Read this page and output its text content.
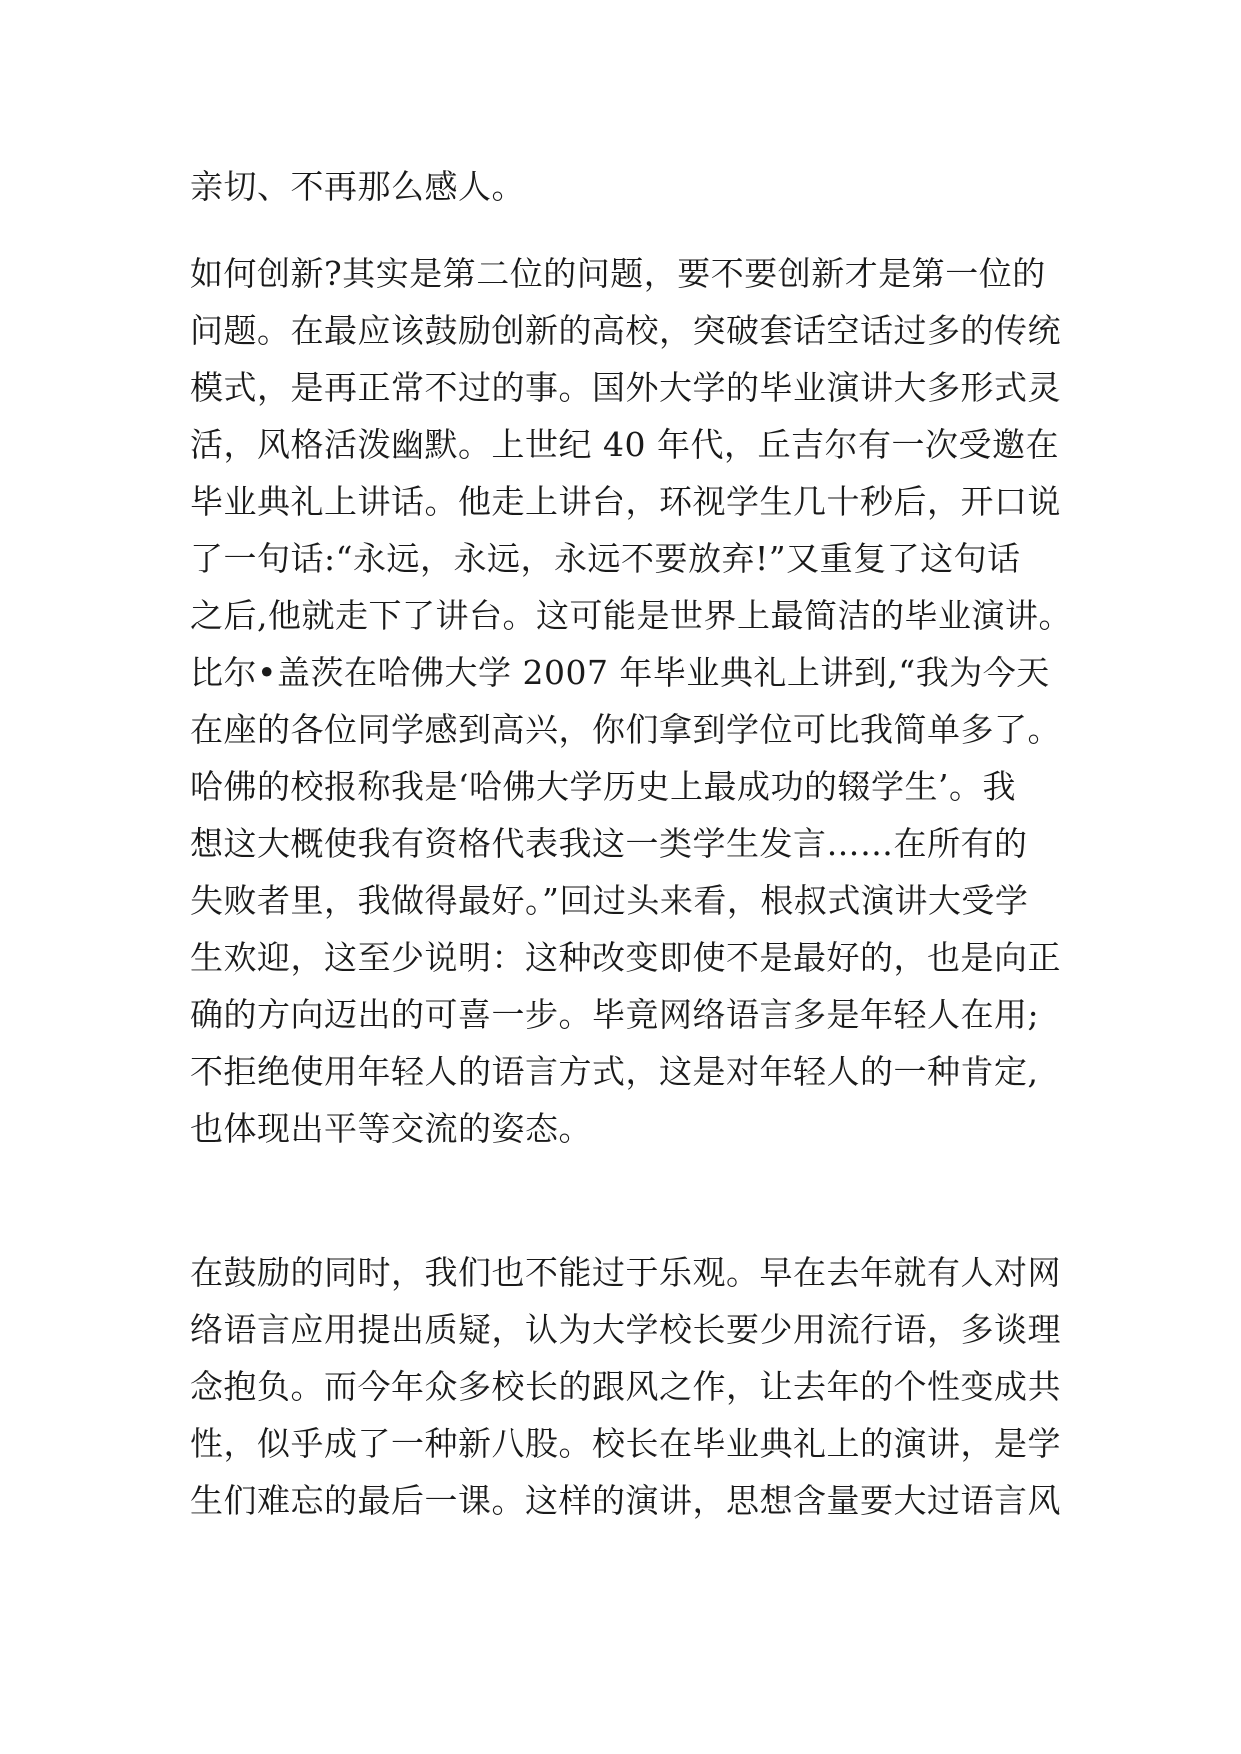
亲切、不再那么感人。
如何创新?其实是第二位的问题，要不要创新才是第一位的
问题。在最应该鼓励创新的高校，突破套话空话过多的传统
模式，是再正常不过的事。国外大学的毕业演讲大多形式灵
活，风格活泼幽默。上世纪 40 年代，丘吉尔有一次受邀在
毕业典礼上讲话。他走上讲台，环视学生几十秒后，开口说
了一句话:“永远，永远，永远不要放弃!”又重复了这句话
之后,他就走下了讲台。这可能是世界上最简洁的毕业演讲。
比尔•盖茨在哈佛大学 2007 年毕业典礼上讲到,“我为今天
在座的各位同学感到高兴，你们拿到学位可比我简单多了。
哈佛的校报称我是‘哈佛大学历史上最成功的辍学生’。我
想这大概使我有资格代表我这一类学生发言……在所有的
失败者里，我做得最好。”回过头来看，根叔式演讲大受学
生欢迎，这至少说明：这种改变即使不是最好的，也是向正
确的方向迈出的可喜一步。毕竟网络语言多是年轻人在用;
不拒绝使用年轻人的语言方式，这是对年轻人的一种肯定,
也体现出平等交流的姿态。
在鼓励的同时，我们也不能过于乐观。早在去年就有人对网
络语言应用提出质疑，认为大学校长要少用流行语，多谈理
念抱负。而今年众多校长的跟风之作，让去年的个性变成共
性，似乎成了一种新八股。校长在毕业典礼上的演讲，是学
生们难忘的最后一课。这样的演讲，思想含量要大过语言风
